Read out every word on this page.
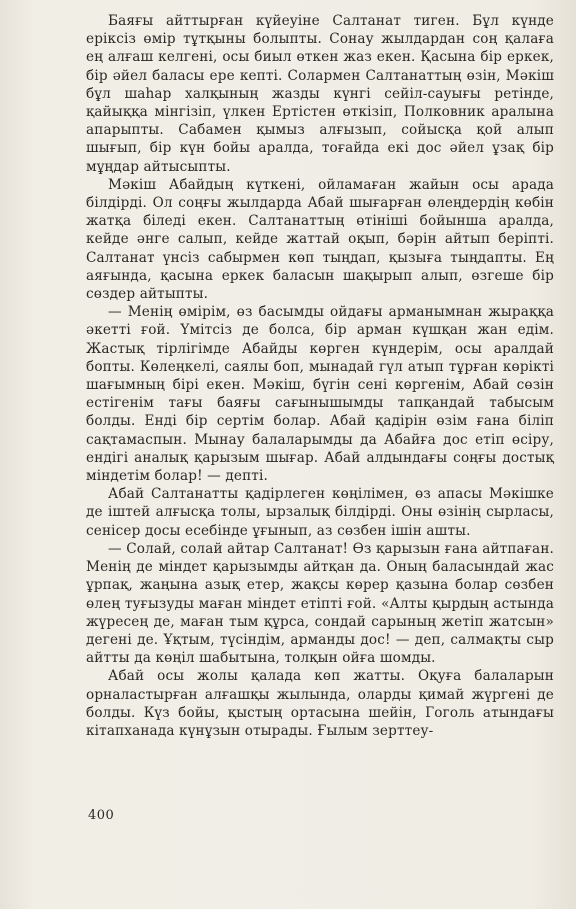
Баяғы айттырған күйеуіне Салтанат тиген. Бұл күнде еріксіз өмір тұтқыны болыпты. Сонау жылдардан соң қалаға ең алғаш келгені, осы биыл өткен жаз екен. Қасына бір еркек, бір әйел баласы ере кепті. Солармен Салтанаттың өзін, Мәкіш бұл шаһар халқының жазды күнгі сейіл-сауығы ретінде, қайыққа мінгізіп, үлкен Ертістен өткізіп, Полковник аралына апарыпты. Сабамен қымыз алғызып, сойысқа қой алып шығып, бір күн бойы аралда, тоғайда екі дос әйел ұзақ бір мұңдар айтысыпты.

Мәкіш Абайдың күткені, ойламаған жайын осы арада білдірді. Ол соңғы жылдарда Абай шығарған өлеңдердің көбін жатқа біледі екен. Салтанаттың өтініші бойынша аралда, кейде әнге салып, кейде жаттай оқып, бәрін айтып беріпті. Салтанат үнсіз сабырмен көп тыңдап, қызыға тыңдапты. Ең аяғында, қасына еркек баласын шақырып алып, өзгеше бір сөздер айтыпты.

— Менің өмірім, өз басымды ойдағы арманымнан жыраққа әкетті ғой. Үмітсіз де болса, бір арман күшқан жан едім. Жастық тірлігімде Абайды көрген күндерім, осы аралдай бопты. Көлеңкелі, саялы боп, мынадай гүл атып тұрған көрікті шағымның бірі екен. Мәкіш, бүгін сені көргенім, Абай сөзін естігенім тағы баяғы сағынышымды тапқандай табысым болды. Енді бір сертім болар. Абай қадірін өзім ғана біліп сақтамаспын. Мынау балаларымды да Абайға дос етіп өсіру, ендігі аналық қарызым шығар. Абай алдындағы соңғы достық міндетім болар! — депті.

Абай Салтанатты қадірлеген көңілімен, өз апасы Мәкішке де іштей алғысқа толы, ырзалық білдірді. Оны өзінің сырласы, сенісер досы есебінде ұғынып, аз сөзбен ішін ашты.

— Солай, солай айтар Салтанат! Өз қарызын ғана айтпаған. Менің де міндет қарызымды айтқан да. Оның баласындай жас ұрпақ, жаңына азық етер, жақсы көрер қазына болар сөзбен өлең туғызуды маған міндет етіпті ғой. «Алты қырдың астында жүресең де, маған тым құрса, сондай сарының жетіп жатсын» дегені де. Ұқтым, түсіндім, арманды дос! — деп, салмақты сыр айтты да көңіл шабытына, толқын ойға шомды.

Абай осы жолы қалада көп жатты. Оқуға балаларын орналастырған алғашқы жылында, оларды қимай жүргені де болды. Күз бойы, қыстың ортасына шейін, Гоголь атындағы кітапханада күнұзын отырады. Ғылым зерттеу-

400
